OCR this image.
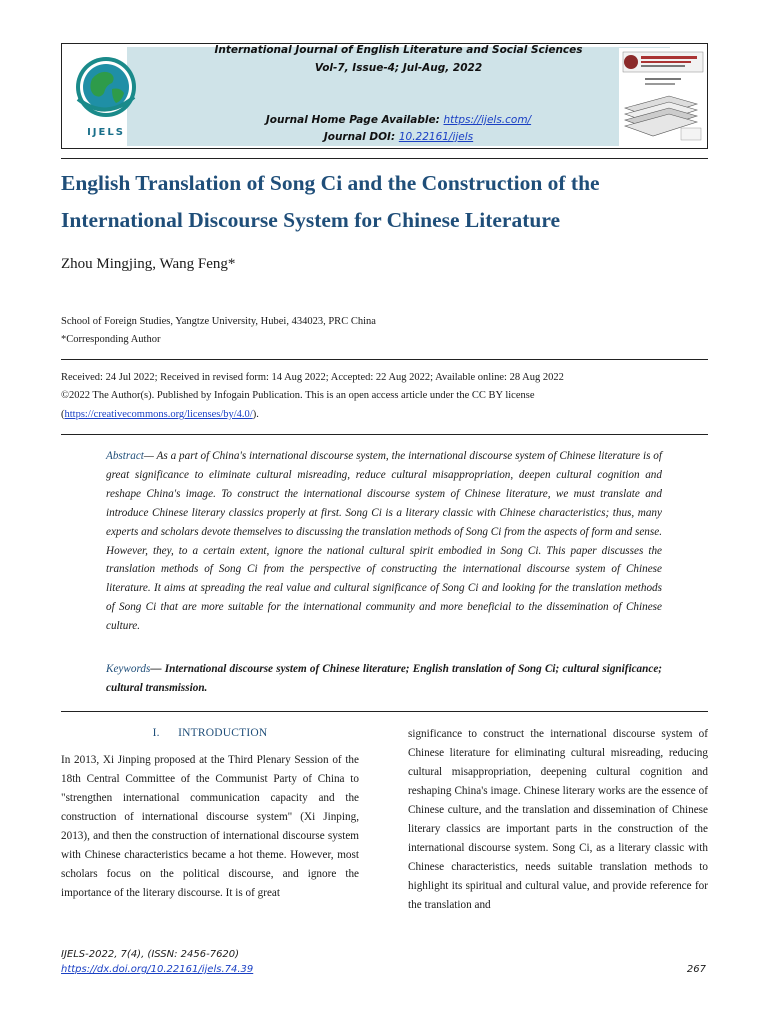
IJELS
International Journal of English Literature and Social Sciences
Vol-7, Issue-4; Jul-Aug, 2022
Journal Home Page Available: https://ijels.com/
Journal DOI: 10.22161/ijels
English Translation of Song Ci and the Construction of the
International Discourse System for Chinese Literature
Zhou Mingjing, Wang Feng*
School of Foreign Studies, Yangtze University, Hubei, 434023, PRC China
*Corresponding Author
Received: 24 Jul 2022; Received in revised form: 14 Aug 2022; Accepted: 22 Aug 2022; Available online: 28 Aug 2022
©2022 The Author(s). Published by Infogain Publication. This is an open access article under the CC BY license
(https://creativecommons.org/licenses/by/4.0/).
Abstract— As a part of China's international discourse system, the international discourse system of Chinese literature is of great significance to eliminate cultural misreading, reduce cultural misappropriation, deepen cultural cognition and reshape China's image. To construct the international discourse system of Chinese literature, we must translate and introduce Chinese literary classics properly at first. Song Ci is a literary classic with Chinese characteristics; thus, many experts and scholars devote themselves to discussing the translation methods of Song Ci from the aspects of form and sense. However, they, to a certain extent, ignore the national cultural spirit embodied in Song Ci. This paper discusses the translation methods of Song Ci from the perspective of constructing the international discourse system of Chinese literature. It aims at spreading the real value and cultural significance of Song Ci and looking for the translation methods of Song Ci that are more suitable for the international community and more beneficial to the dissemination of Chinese culture.
Keywords— International discourse system of Chinese literature; English translation of Song Ci; cultural significance; cultural transmission.
I.      INTRODUCTION
In 2013, Xi Jinping proposed at the Third Plenary Session of the 18th Central Committee of the Communist Party of China to "strengthen international communication capacity and the construction of international discourse system" (Xi Jinping, 2013), and then the construction of international discourse system with Chinese characteristics became a hot theme. However, most scholars focus on the political discourse, and ignore the importance of the literary discourse. It is of great
significance to construct the international discourse system of Chinese literature for eliminating cultural misreading, reducing cultural misappropriation, deepening cultural cognition and reshaping China's image. Chinese literary works are the essence of Chinese culture, and the translation and dissemination of Chinese literary classics are important parts in the construction of the international discourse system. Song Ci, as a literary classic with Chinese characteristics, needs suitable translation methods to highlight its spiritual and cultural value, and provide reference for the translation and
IJELS-2022, 7(4), (ISSN: 2456-7620)
https://dx.doi.org/10.22161/ijels.74.39	267
